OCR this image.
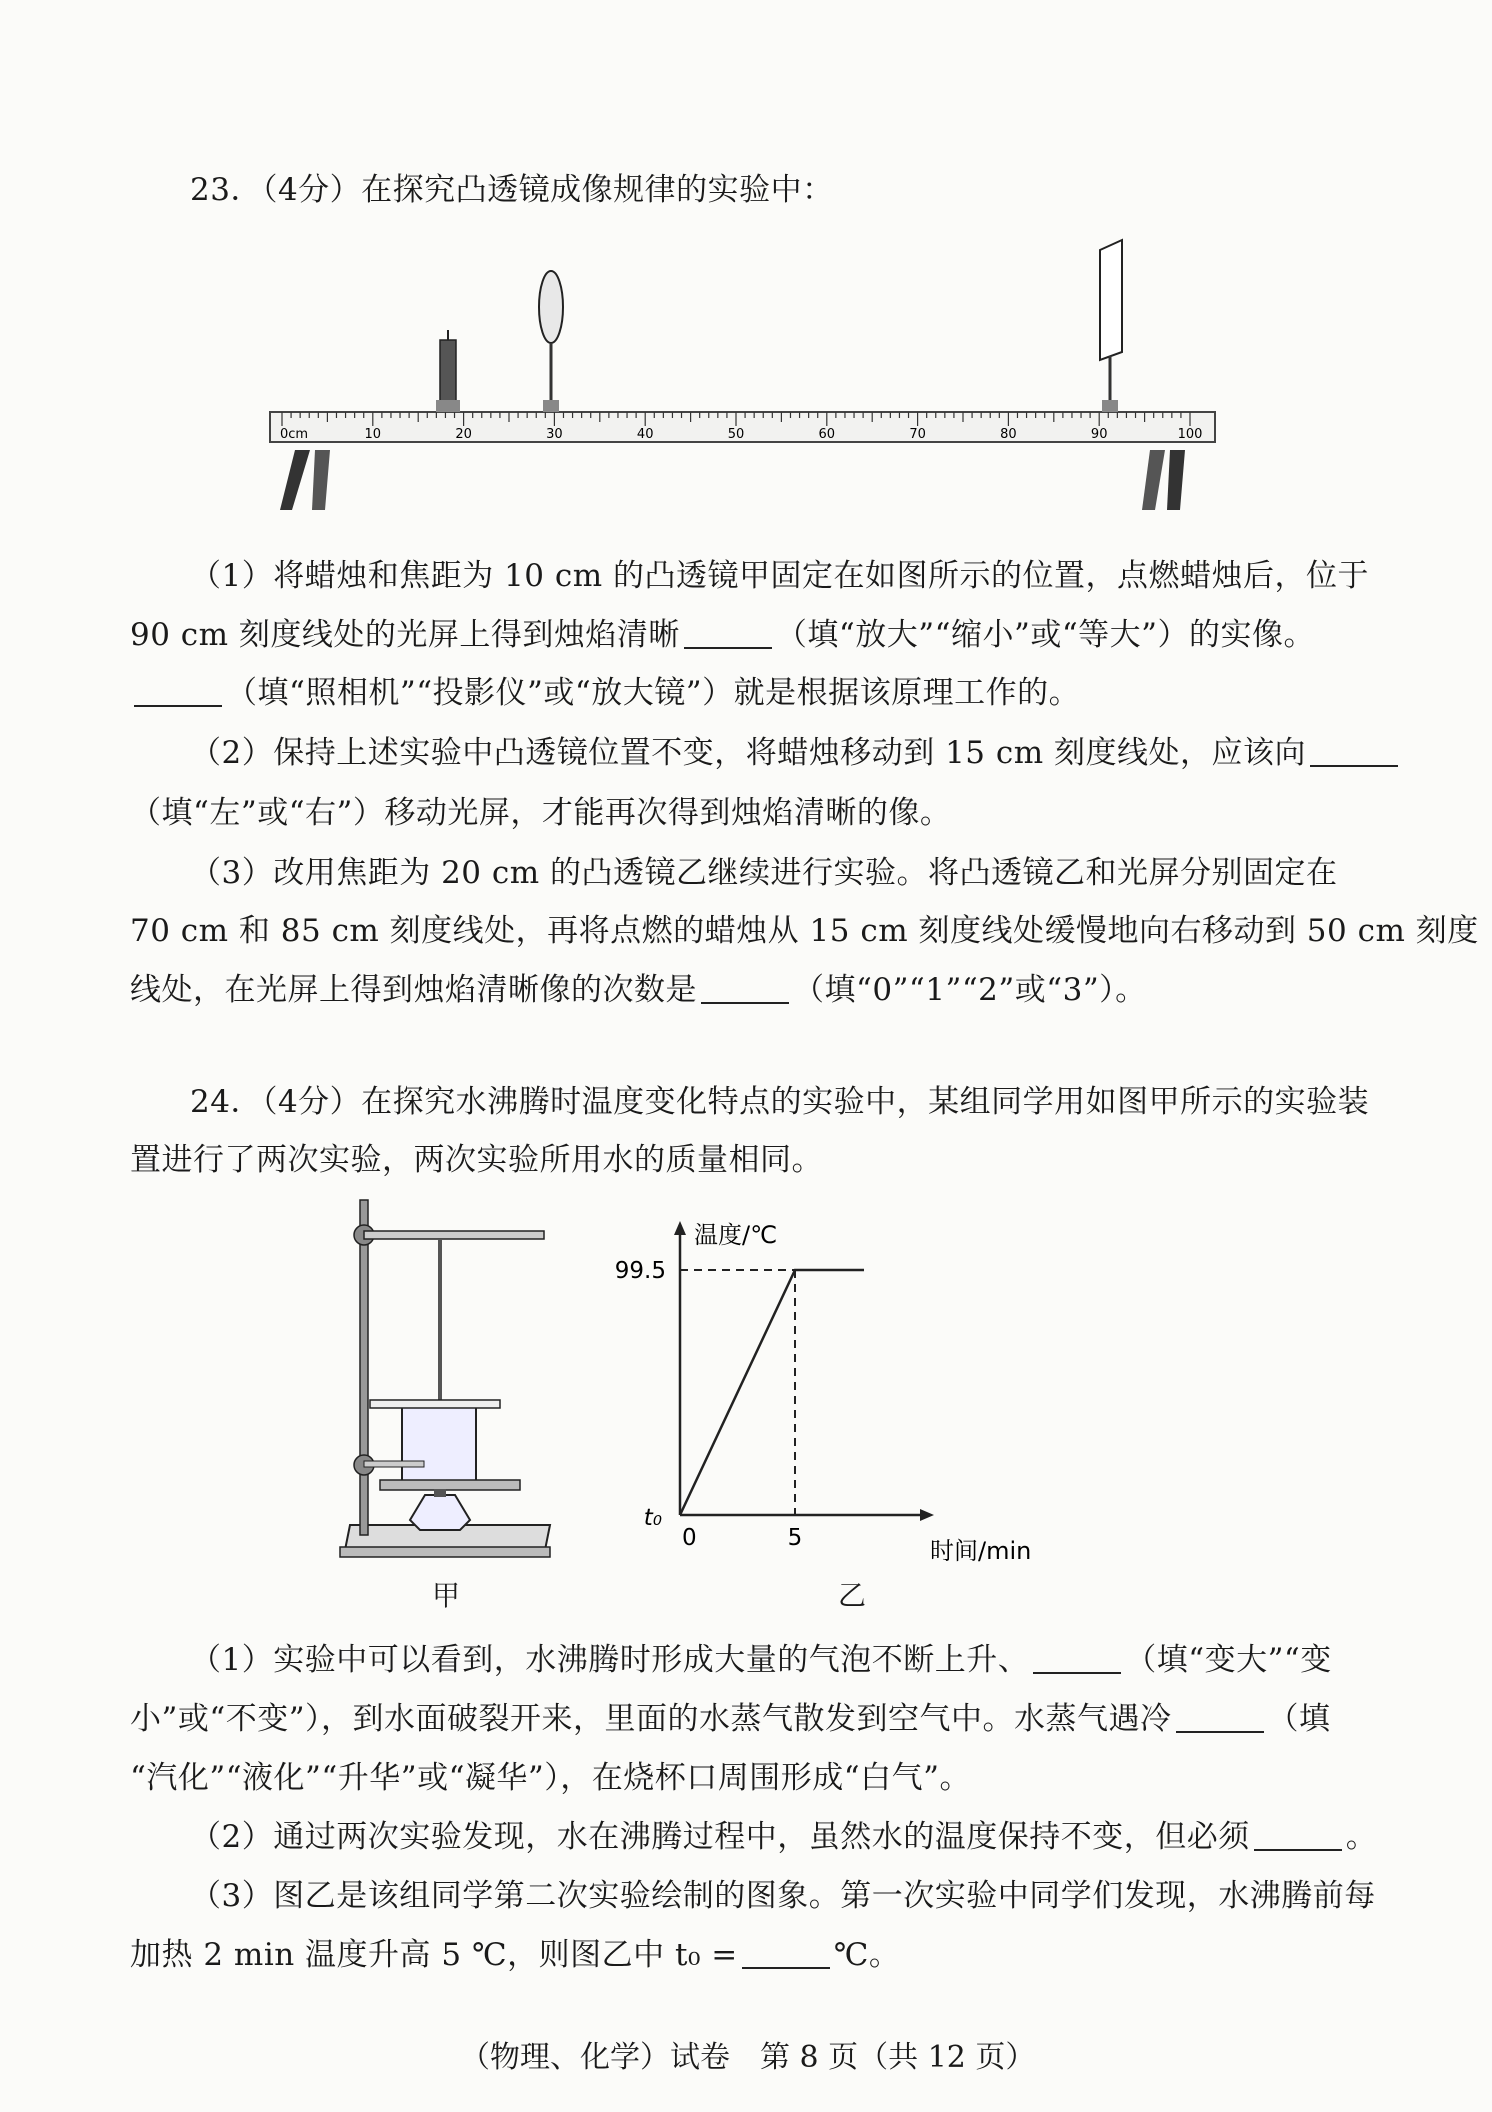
23．（4分）在探究凸透镜成像规律的实验中：
0cm	10	20	30	40	50	60	70	80	90	100
（1）将蜡烛和焦距为 10 cm 的凸透镜甲固定在如图所示的位置，点燃蜡烛后，位于
90 cm 刻度线处的光屏上得到烛焰清晰	（填“放大”“缩小”或“等大”）的实像。
（填“照相机”“投影仪”或“放大镜”）就是根据该原理工作的。
（2）保持上述实验中凸透镜位置不变，将蜡烛移动到 15 cm 刻度线处，应该向
（填“左”或“右”）移动光屏，才能再次得到烛焰清晰的像。
（3）改用焦距为 20 cm 的凸透镜乙继续进行实验。将凸透镜乙和光屏分别固定在
70 cm 和 85 cm 刻度线处，再将点燃的蜡烛从 15 cm 刻度线处缓慢地向右移动到 50 cm 刻度
线处，在光屏上得到烛焰清晰像的次数是	（填“0”“1”“2”或“3”）。
24．（4分）在探究水沸腾时温度变化特点的实验中，某组同学用如图甲所示的实验装
置进行了两次实验，两次实验所用水的质量相同。
甲
温度/℃
时间/min
99.5
t₀
0	5
乙
（1）实验中可以看到，水沸腾时形成大量的气泡不断上升、	（填“变大”“变
小”或“不变”），到水面破裂开来，里面的水蒸气散发到空气中。水蒸气遇冷	（填
“汽化”“液化”“升华”或“凝华”），在烧杯口周围形成“白气”。
（2）通过两次实验发现，水在沸腾过程中，虽然水的温度保持不变，但必须	。
（3）图乙是该组同学第二次实验绘制的图象。第一次实验中同学们发现，水沸腾前每
加热 2 min 温度升高 5 ℃，则图乙中 t₀ =	℃。
（物理、化学）试卷　第 8 页（共 12 页）
